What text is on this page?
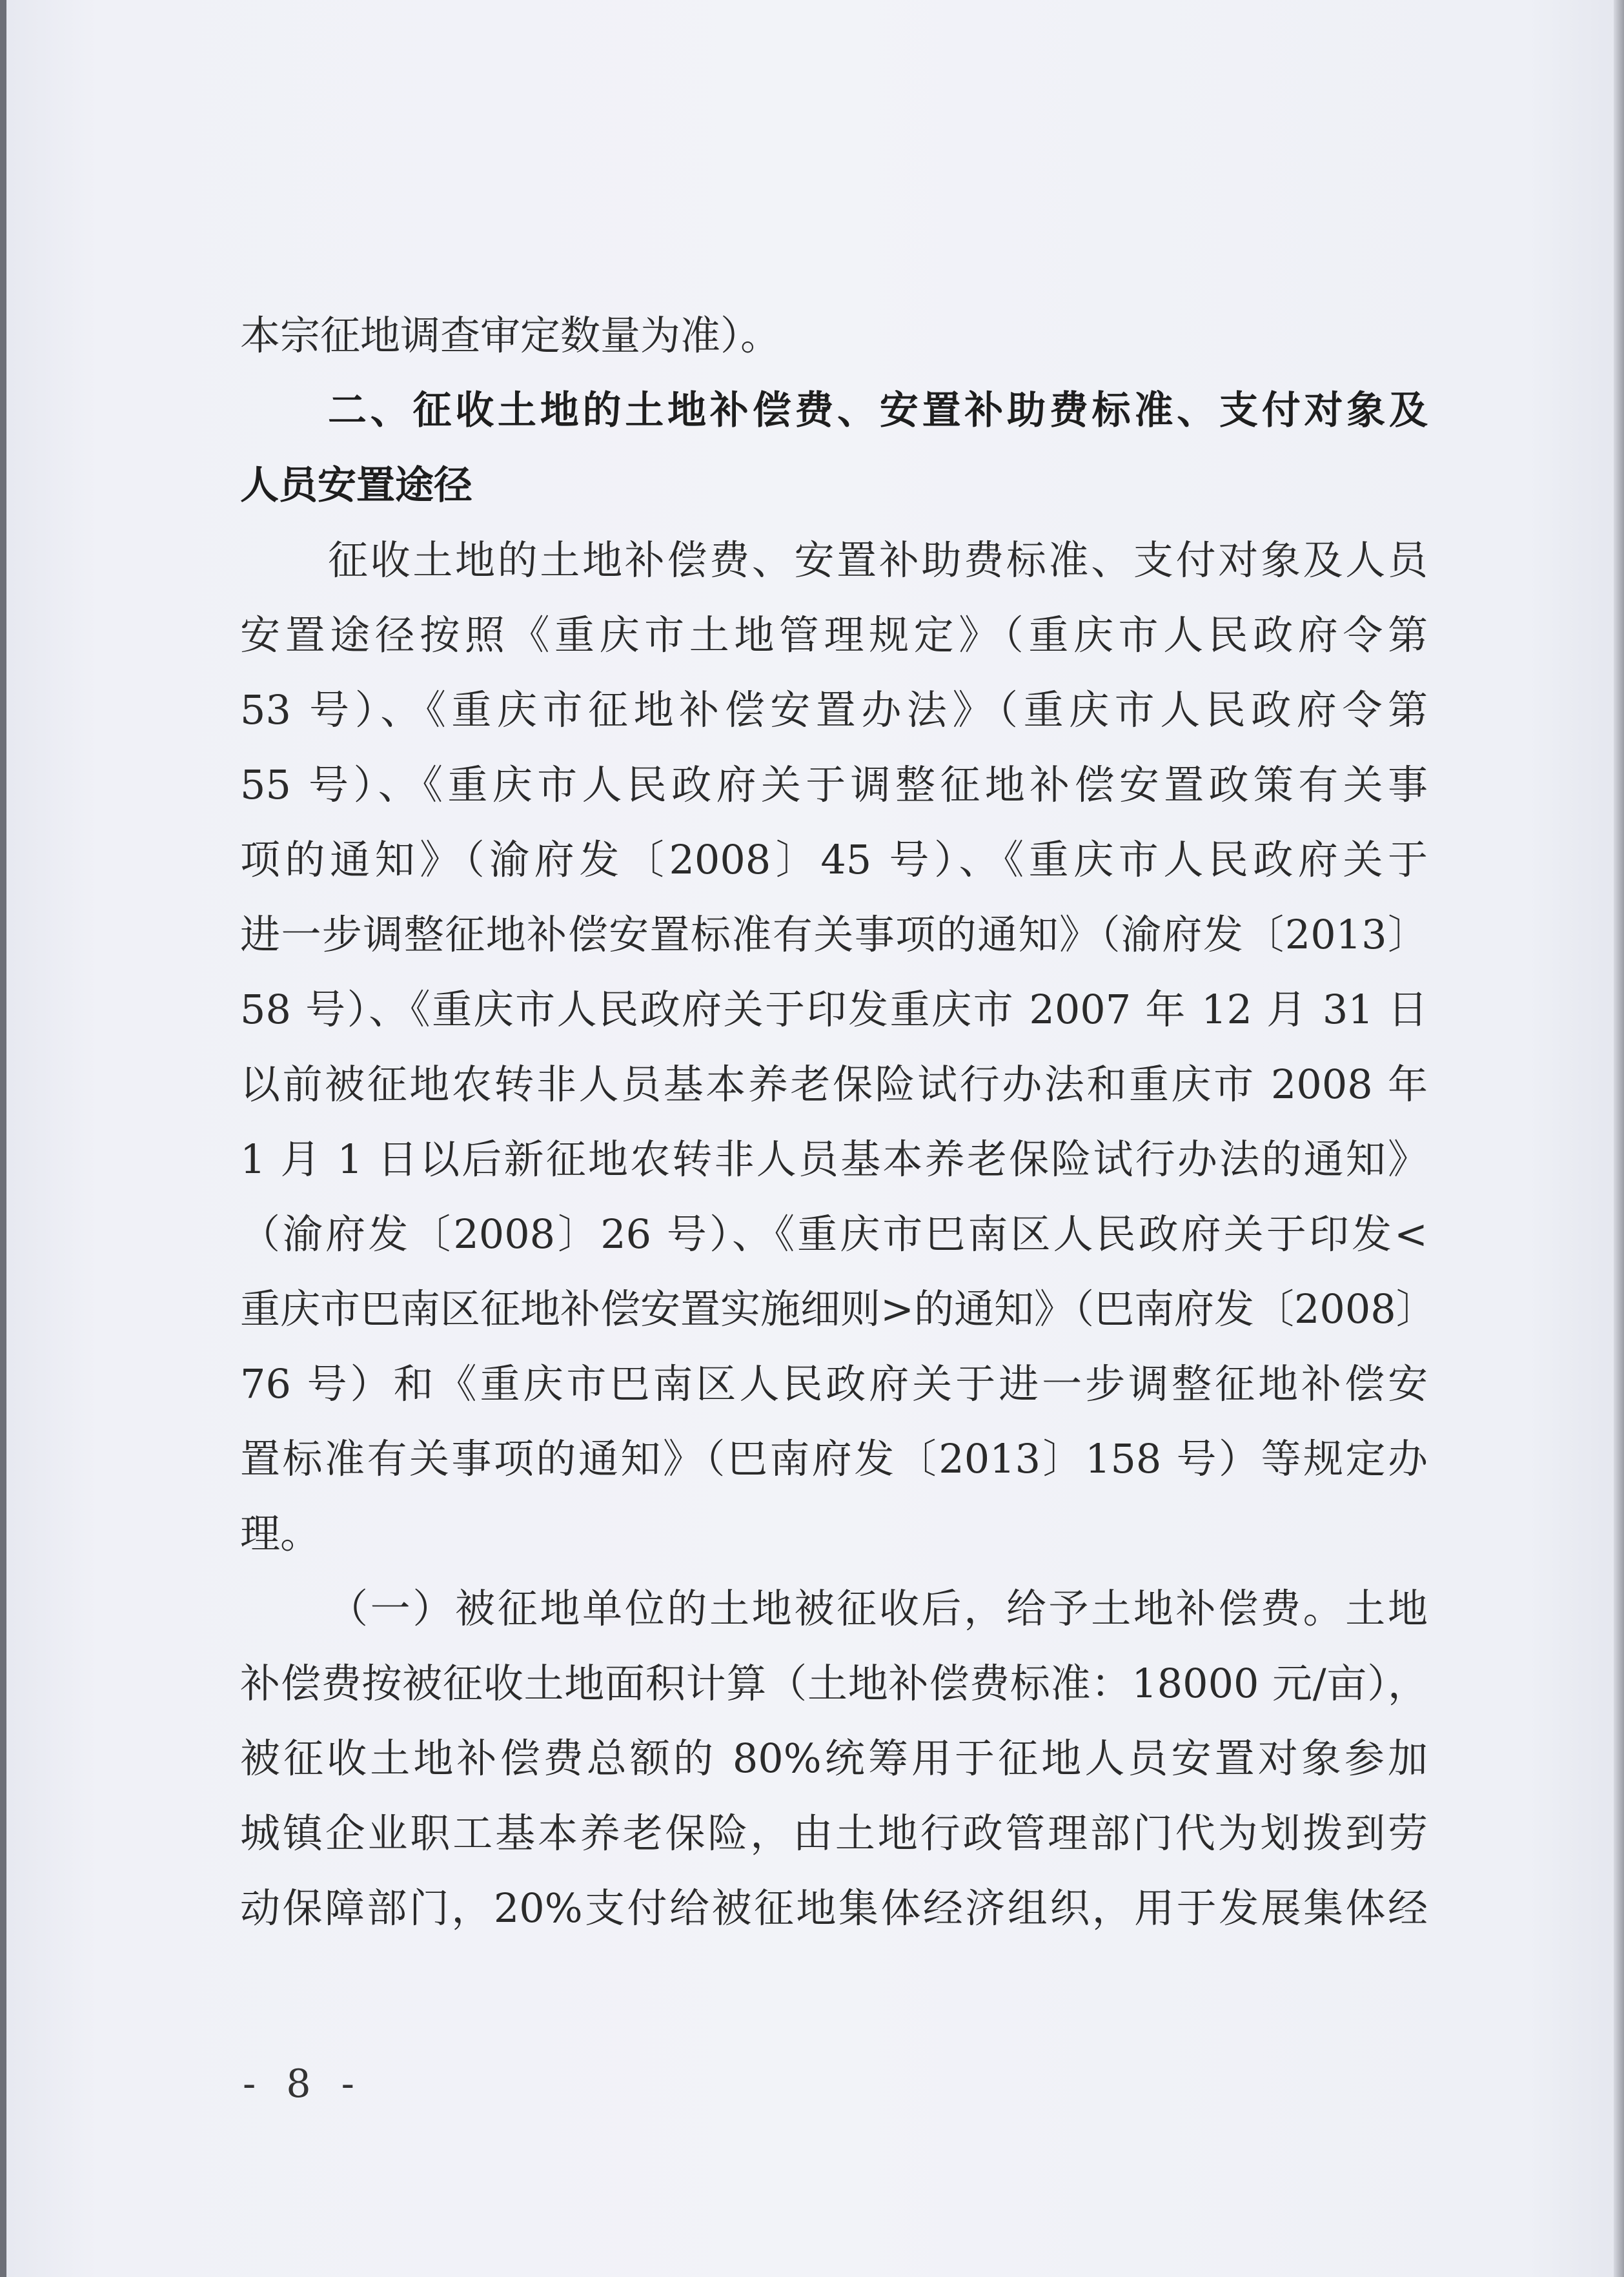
本宗征地调查审定数量为准）。
二、征收土地的土地补偿费、安置补助费标准、支付对象及
人员安置途径
征收土地的土地补偿费、安置补助费标准、支付对象及人员
安置途径按照《重庆市土地管理规定》（重庆市人民政府令第
53 号）、《重庆市征地补偿安置办法》（重庆市人民政府令第
55 号）、《重庆市人民政府关于调整征地补偿安置政策有关事
项的通知》（渝府发〔2008〕45 号）、《重庆市人民政府关于
进一步调整征地补偿安置标准有关事项的通知》（渝府发〔2013〕
58 号）、《重庆市人民政府关于印发重庆市 2007 年 12 月 31 日
以前被征地农转非人员基本养老保险试行办法和重庆市 2008 年
1 月 1 日以后新征地农转非人员基本养老保险试行办法的通知》
（渝府发〔2008〕26 号）、《重庆市巴南区人民政府关于印发<
重庆市巴南区征地补偿安置实施细则>的通知》（巴南府发〔2008〕
76 号）和《重庆市巴南区人民政府关于进一步调整征地补偿安
置标准有关事项的通知》（巴南府发〔2013〕158 号）等规定办
理。
（一）被征地单位的土地被征收后，给予土地补偿费。土地
补偿费按被征收土地面积计算（土地补偿费标准：18000 元/亩），
被征收土地补偿费总额的 80%统筹用于征地人员安置对象参加
城镇企业职工基本养老保险，由土地行政管理部门代为划拨到劳
动保障部门，20%支付给被征地集体经济组织，用于发展集体经
- 8 -
